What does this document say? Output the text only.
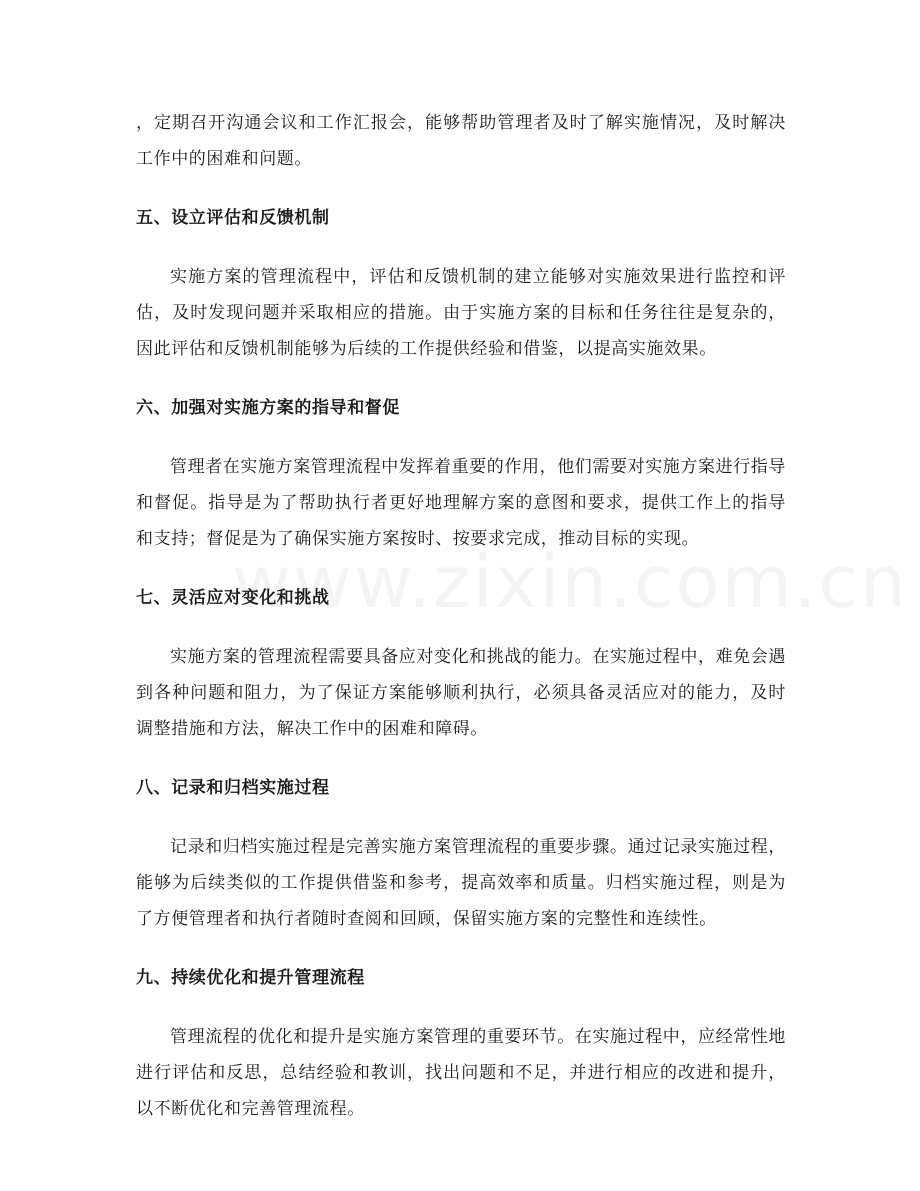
，定期召开沟通会议和工作汇报会，能够帮助管理者及时了解实施情况，及时解决工作中的困难和问题。

五、设立评估和反馈机制

实施方案的管理流程中，评估和反馈机制的建立能够对实施效果进行监控和评估，及时发现问题并采取相应的措施。由于实施方案的目标和任务往往是复杂的，因此评估和反馈机制能够为后续的工作提供经验和借鉴，以提高实施效果。

六、加强对实施方案的指导和督促

管理者在实施方案管理流程中发挥着重要的作用，他们需要对实施方案进行指导和督促。指导是为了帮助执行者更好地理解方案的意图和要求，提供工作上的指导和支持；督促是为了确保实施方案按时、按要求完成，推动目标的实现。

七、灵活应对变化和挑战

实施方案的管理流程需要具备应对变化和挑战的能力。在实施过程中，难免会遇到各种问题和阻力，为了保证方案能够顺利执行，必须具备灵活应对的能力，及时调整措施和方法，解决工作中的困难和障碍。

八、记录和归档实施过程

记录和归档实施过程是完善实施方案管理流程的重要步骤。通过记录实施过程，能够为后续类似的工作提供借鉴和参考，提高效率和质量。归档实施过程，则是为了方便管理者和执行者随时查阅和回顾，保留实施方案的完整性和连续性。

九、持续优化和提升管理流程

管理流程的优化和提升是实施方案管理的重要环节。在实施过程中，应经常性地进行评估和反思，总结经验和教训，找出问题和不足，并进行相应的改进和提升，以不断优化和完善管理流程。
